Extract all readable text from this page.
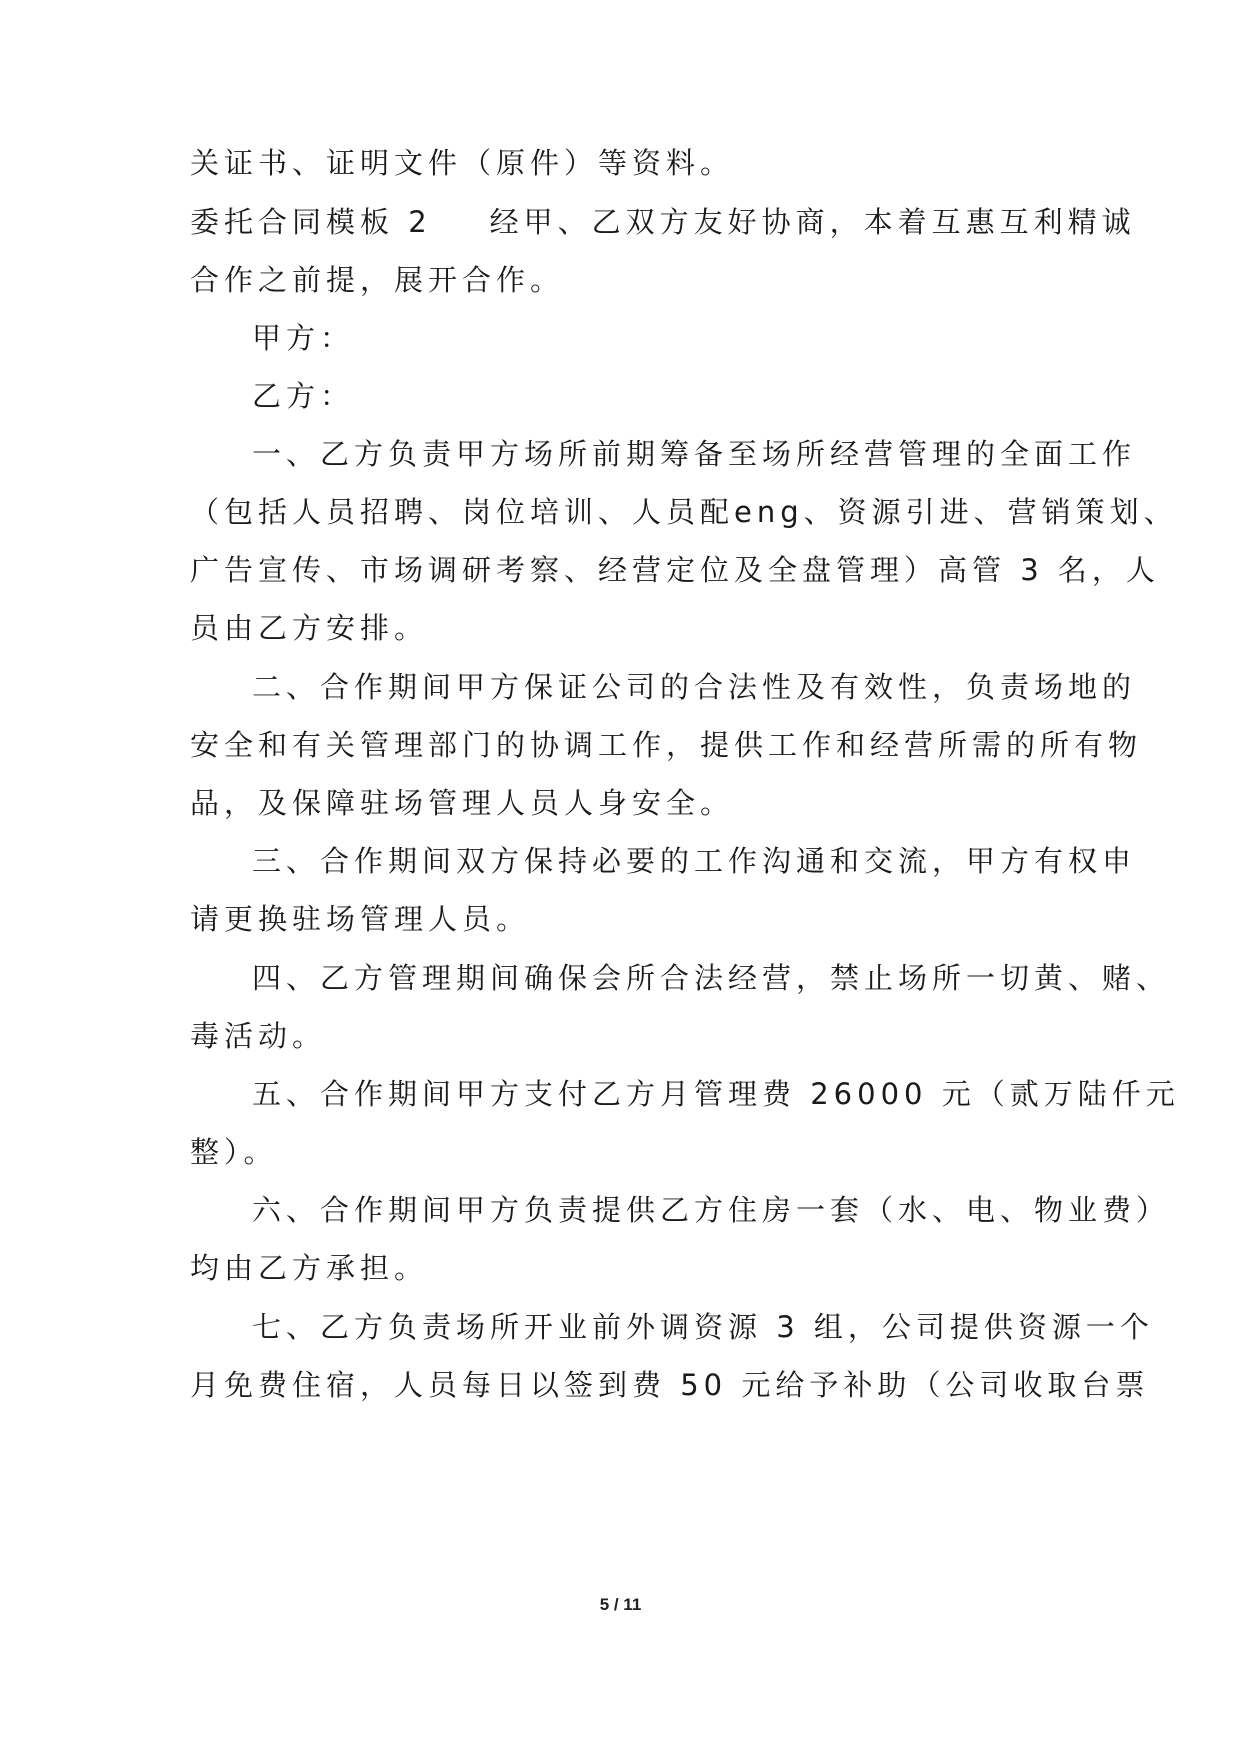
关证书、证明文件（原件）等资料。
委托合同模板 2 经甲、乙双方友好协商，本着互惠互利精诚
合作之前提，展开合作。
甲方：
乙方：
一、乙方负责甲方场所前期筹备至场所经营管理的全面工作
（包括人员招聘、岗位培训、人员配eng、资源引进、营销策划、
广告宣传、市场调研考察、经营定位及全盘管理）高管 3 名，人
员由乙方安排。
二、合作期间甲方保证公司的合法性及有效性，负责场地的
安全和有关管理部门的协调工作，提供工作和经营所需的所有物
品，及保障驻场管理人员人身安全。
三、合作期间双方保持必要的工作沟通和交流，甲方有权申
请更换驻场管理人员。
四、乙方管理期间确保会所合法经营，禁止场所一切黄、赌、
毒活动。
五、合作期间甲方支付乙方月管理费 26000 元（贰万陆仟元
整）。
六、合作期间甲方负责提供乙方住房一套（水、电、物业费）
均由乙方承担。
七、乙方负责场所开业前外调资源 3 组，公司提供资源一个
月免费住宿，人员每日以签到费 50 元给予补助（公司收取台票
5 / 11
